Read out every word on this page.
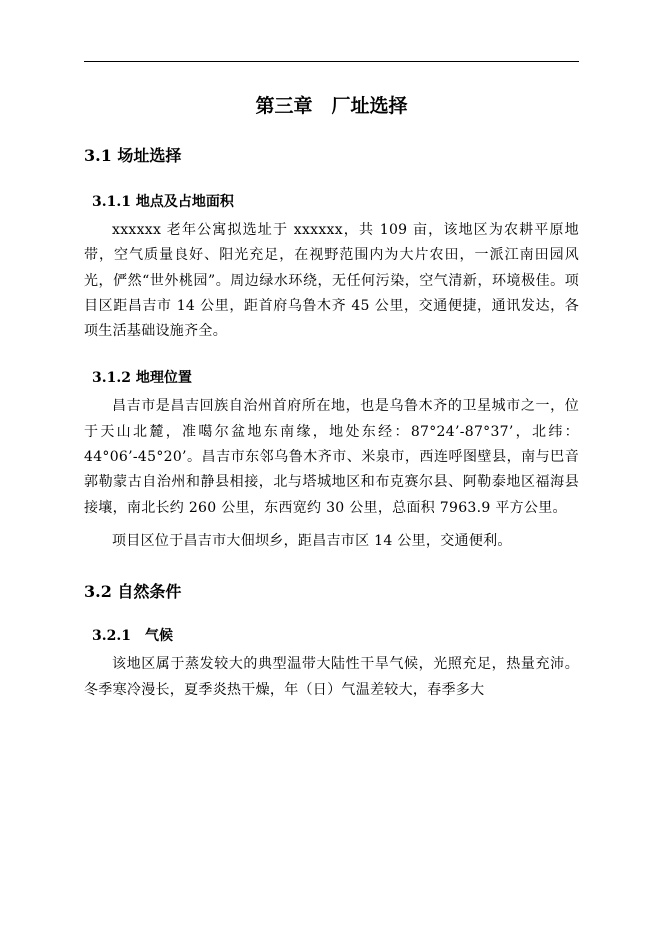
第三章　厂址选择
3.1 场址选择
3.1.1 地点及占地面积

xxxxxx 老年公寓拟选址于 xxxxxx，共 109 亩，该地区为农耕平原地带，空气质量良好、阳光充足，在视野范围内为大片农田，一派江南田园风光，俨然“世外桃园”。周边绿水环绕，无任何污染，空气清新，环境极佳。项目区距昌吉市 14 公里，距首府乌鲁木齐 45 公里，交通便捷，通讯发达，各项生活基础设施齐全。

3.1.2 地理位置

昌吉市是昌吉回族自治州首府所在地，也是乌鲁木齐的卫星城市之一，位于天山北麓，准噶尔盆地东南缘，地处东经：87°24’-87°37’，北纬：44°06’-45°20’。昌吉市东邻乌鲁木齐市、米泉市，西连呼图壁县，南与巴音郭勒蒙古自治州和静县相接，北与塔城地区和布克赛尔县、阿勒泰地区福海县接壤，南北长约 260 公里，东西宽约 30 公里，总面积 7963.9 平方公里。

项目区位于昌吉市大佃坝乡，距昌吉市区 14 公里，交通便利。

3.2 自然条件
3.2.1　气候

该地区属于蒸发较大的典型温带大陆性干旱气候，光照充足，热量充沛。冬季寒冷漫长，夏季炎热干燥，年（日）气温差较大，春季多大
